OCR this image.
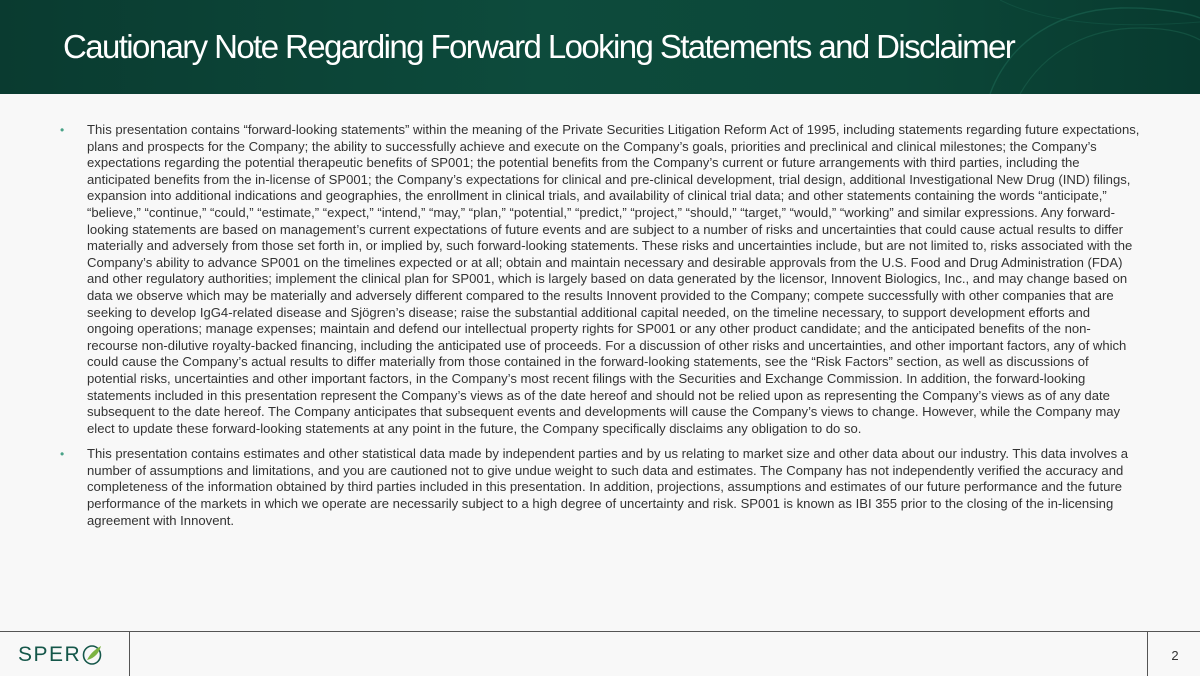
Cautionary Note Regarding Forward Looking Statements and Disclaimer
•	This presentation contains “forward-looking statements” within the meaning of the Private Securities Litigation Reform Act of 1995, including statements regarding future expectations, plans and prospects for the Company; the ability to successfully achieve and execute on the Company’s goals, priorities and preclinical and clinical milestones; the Company’s expectations regarding the potential therapeutic benefits of SP001; the potential benefits from the Company’s current or future arrangements with third parties, including the anticipated benefits from the in-license of SP001; the Company’s expectations for clinical and pre-clinical development, trial design, additional Investigational New Drug (IND) filings, expansion into additional indications and geographies, the enrollment in clinical trials, and availability of clinical trial data; and other statements containing the words “anticipate,” “believe,” “continue,” “could,” “estimate,” “expect,” “intend,” “may,” “plan,” “potential,” “predict,” “project,” “should,” “target,” “would,” “working” and similar expressions. Any forward-looking statements are based on management’s current expectations of future events and are subject to a number of risks and uncertainties that could cause actual results to differ materially and adversely from those set forth in, or implied by, such forward-looking statements. These risks and uncertainties include, but are not limited to, risks associated with the Company’s ability to advance SP001 on the timelines expected or at all; obtain and maintain necessary and desirable approvals from the U.S. Food and Drug Administration (FDA) and other regulatory authorities; implement the clinical plan for SP001, which is largely based on data generated by the licensor, Innovent Biologics, Inc., and may change based on data we observe which may be materially and adversely different compared to the results Innovent provided to the Company; compete successfully with other companies that are seeking to develop IgG4-related disease and Sjögren’s disease; raise the substantial additional capital needed, on the timeline necessary, to support development efforts and ongoing operations; manage expenses; maintain and defend our intellectual property rights for SP001 or any other product candidate; and the anticipated benefits of the non-recourse non-dilutive royalty-backed financing, including the anticipated use of proceeds. For a discussion of other risks and uncertainties, and other important factors, any of which could cause the Company’s actual results to differ materially from those contained in the forward-looking statements, see the “Risk Factors” section, as well as discussions of potential risks, uncertainties and other important factors, in the Company’s most recent filings with the Securities and Exchange Commission. In addition, the forward-looking statements included in this presentation represent the Company’s views as of the date hereof and should not be relied upon as representing the Company’s views as of any date subsequent to the date hereof. The Company anticipates that subsequent events and developments will cause the Company’s views to change. However, while the Company may elect to update these forward-looking statements at any point in the future, the Company specifically disclaims any obligation to do so.

•	This presentation contains estimates and other statistical data made by independent parties and by us relating to market size and other data about our industry. This data involves a number of assumptions and limitations, and you are cautioned not to give undue weight to such data and estimates. The Company has not independently verified the accuracy and completeness of the information obtained by third parties included in this presentation. In addition, projections, assumptions and estimates of our future performance and the future performance of the markets in which we operate are necessarily subject to a high degree of uncertainty and risk. SP001 is known as IBI 355 prior to the closing of the in-licensing agreement with Innovent.

SPER	2
